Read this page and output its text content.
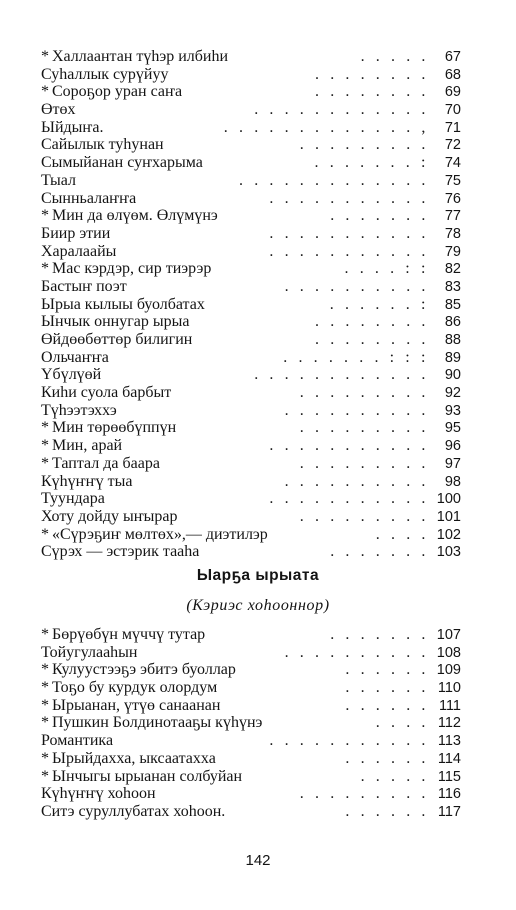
* Халлаантан түһэр илбиһи	. . . . .	67
Суһаллык сурүйуу	. . . . . . . .	68
* Сороҕор уран саҥа	. . . . . . . .	69
Өтөх	. . . . . . . . . . . .	70
Ыйдыҥа.	. . . . . . . . . . . . . ,	71
Сайылык туһунан	. . . . . . . . .	72
Сымыйанан суҥхарыма	. . . . . . . :	74
Тыал	. . . . . . . . . . . . .	75
Сынньалаҥҥа	. . . . . . . . . . .	76
* Мин да өлүөм. Өлүмүнэ	. . . . . . .	77
Биир этии	. . . . . . . . . . .	78
Харалаайы	. . . . . . . . . . .	79
* Мас кэрдэр, сир тиэрэр	. . . . : :	82
Бастыҥ поэт	. . . . . . . . . .	83
Ырыа кылыы буолбатах	. . . . . . :	85
Ынчык оннугар ырыа	. . . . . . . .	86
Өйдөөбөттөр билигин	. . . . . . . .	88
Ольчаҥҥа	. . . . . . . : : :	89
Үбүлүөй	. . . . . . . . . . . .	90
Киһи суола барбыт	. . . . . . . . .	92
Түһээтэххэ	. . . . . . . . . .	93
* Мин төрөөбүппүн	. . . . . . . . .	95
* Мин, арай	. . . . . . . . . . .	96
* Таптал да баара	. . . . . . . . .	97
Күһүҥҥү тыа	. . . . . . . . . .	98
Туундара	. . . . . . . . . . . 100
Хоту дойду ыҥырар	. . . . . . . . . 101
* «Сүрэҕиҥ мөлтөх»,— диэтилэр	. . . . 102
Сүрэх — эстэрик тааһа	. . . . . . . 103
Ыарҕа ырыата
(Кэриэс хоһооннор)
* Бөрүөбүн мүччү тутар	. . . . . . . 107
Тойугулааһын	. . . . . . . . . . 108
* Кулуустээҕэ эбитэ буоллар	. . . . . . 109
* Тоҕо бу курдук олордум	. . . . . . 110
* Ырыанан, үтүө санаанан	. . . . . . 111
* Пушкин Болдинотааҕы күһүнэ	. . . . 112
Романтика	. . . . . . . . . . . 113
* Ырыйдахха, ыксаатахха	. . . . . . 114
* Ынчыгы ырыанан солбуйан	. . . . . 115
Күһүҥҥү хоһоон	. . . . . . . . . 116
Ситэ суруллубатах хоһоон.	. . . . . . 117
142
